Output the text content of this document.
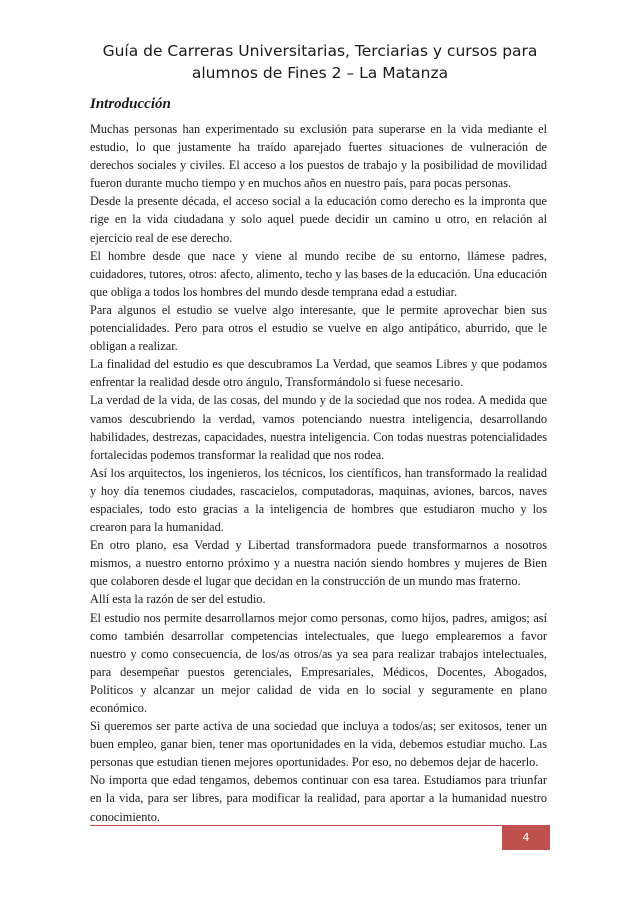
Guía de Carreras Universitarias, Terciarias y cursos para
alumnos de Fines 2 – La Matanza
Introducción

Muchas personas han experimentado su exclusión para superarse en la vida mediante el estudio, lo que justamente ha traído aparejado fuertes situaciones de vulneración de derechos sociales y civiles. El acceso a los puestos de trabajo y la posibilidad de movilidad fueron durante mucho tiempo y en muchos años en nuestro país, para pocas personas.

Desde la presente década, el acceso social a la educación como derecho es la impronta que rige en la vida ciudadana y solo aquel puede decidir un camino u otro, en relación al ejercicio real de ese derecho.

El hombre desde que nace y viene al mundo recibe de su entorno, llámese padres, cuidadores, tutores, otros: afecto, alimento, techo y las bases de la educación. Una educación que obliga a todos los hombres del mundo desde temprana edad a estudiar.

Para algunos el estudio se vuelve algo interesante, que le permite aprovechar bien sus potencialidades. Pero para otros el estudio se vuelve en algo antipático, aburrido, que le obligan a realizar.

La finalidad del estudio es que descubramos La Verdad, que seamos Libres y que podamos enfrentar la realidad desde otro ángulo, Transformándolo si fuese necesario.

La verdad de la vida, de las cosas, del mundo y de la sociedad que nos rodea. A medida que vamos descubriendo la verdad, vamos potenciando nuestra inteligencia, desarrollando habilidades, destrezas, capacidades, nuestra inteligencia. Con todas nuestras potencialidades fortalecidas podemos transformar la realidad que nos rodea.

Así los arquitectos, los ingenieros, los técnicos, los científicos, han transformado la realidad y hoy día tenemos ciudades, rascacielos, computadoras, maquinas, aviones, barcos, naves espaciales, todo esto gracias a la inteligencia de hombres que estudiaron mucho y los crearon para la humanidad.

En otro plano, esa Verdad y Libertad transformadora puede transformarnos a nosotros mismos, a nuestro entorno próximo y a nuestra nación siendo hombres y mujeres de Bien que colaboren desde el lugar que decidan en la construcción de un mundo mas fraterno.

Allí esta la razón de ser del estudio.

El estudio nos permite desarrollarnos mejor como personas, como hijos, padres, amigos; así como también desarrollar competencias intelectuales, que luego emplearemos a favor nuestro y como consecuencia, de los/as otros/as ya sea para realizar trabajos intelectuales, para desempeñar puestos gerenciales, Empresariales, Médicos, Docentes, Abogados, Políticos y alcanzar un mejor calidad de vida en lo social y seguramente en plano económico.

Si queremos ser parte activa de una sociedad que incluya a todos/as; ser exitosos, tener un buen empleo, ganar bien, tener mas oportunidades en la vida, debemos estudiar mucho. Las personas que estudian tienen mejores oportunidades. Por eso, no debemos dejar de hacerlo.

No importa que edad tengamos, debemos continuar con esa tarea. Estudiamos para triunfar en la vida, para ser libres, para modificar la realidad, para aportar a la humanidad nuestro conocimiento.

4
